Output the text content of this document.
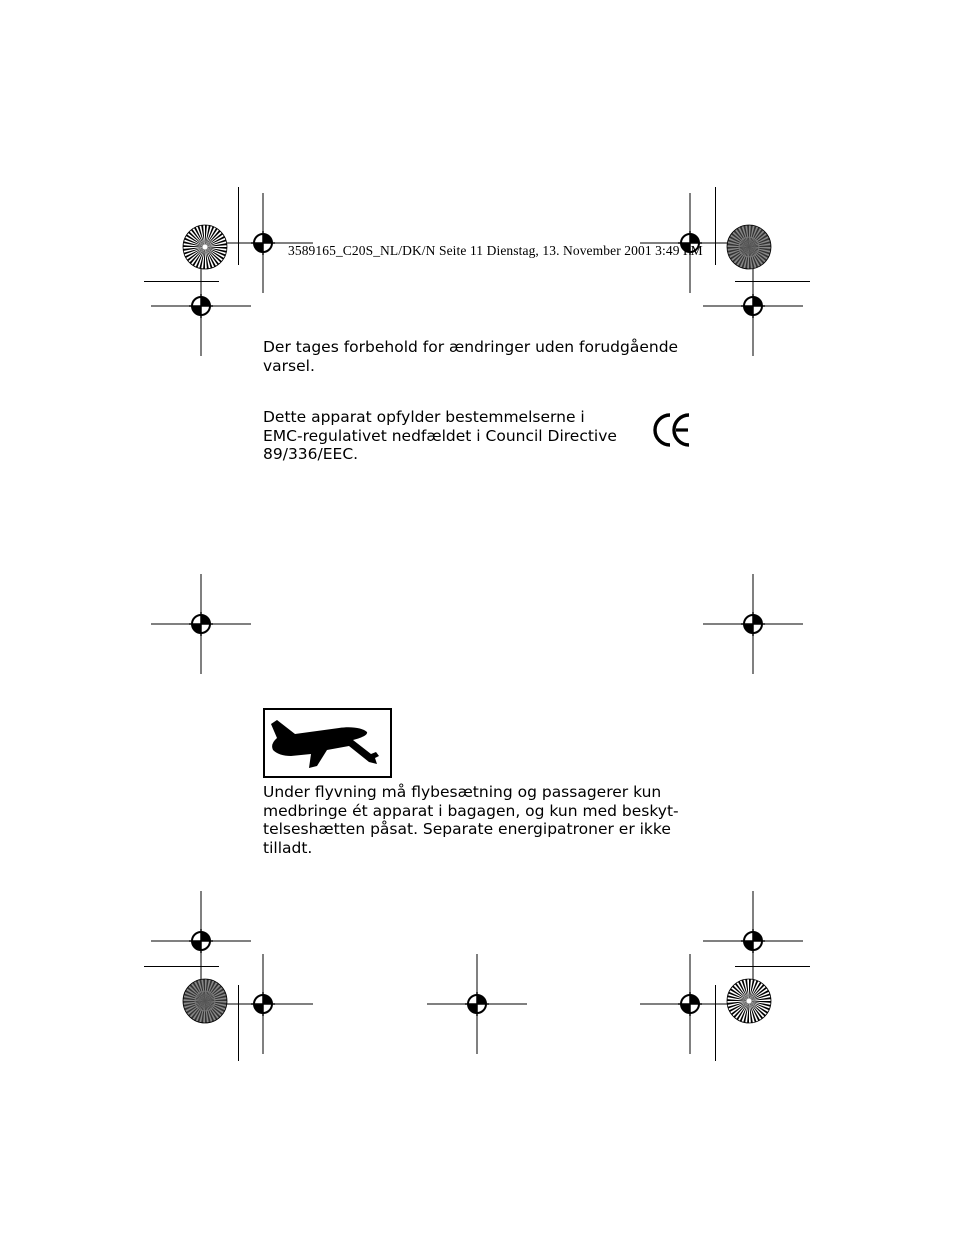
3589165_C20S_NL/DK/N Seite 11 Dienstag, 13. November 2001 3:49 PM

Der tages forbehold for ændringer uden forudgående
varsel.

Dette apparat opfylder bestemmelserne i
EMC-regulativet nedfældet i Council Directive
89/336/EEC.

Under flyvning må flybesætning og passagerer kun
medbringe ét apparat i bagagen, og kun med beskyt-
telseshætten påsat. Separate energipatroner er ikke
tilladt.
